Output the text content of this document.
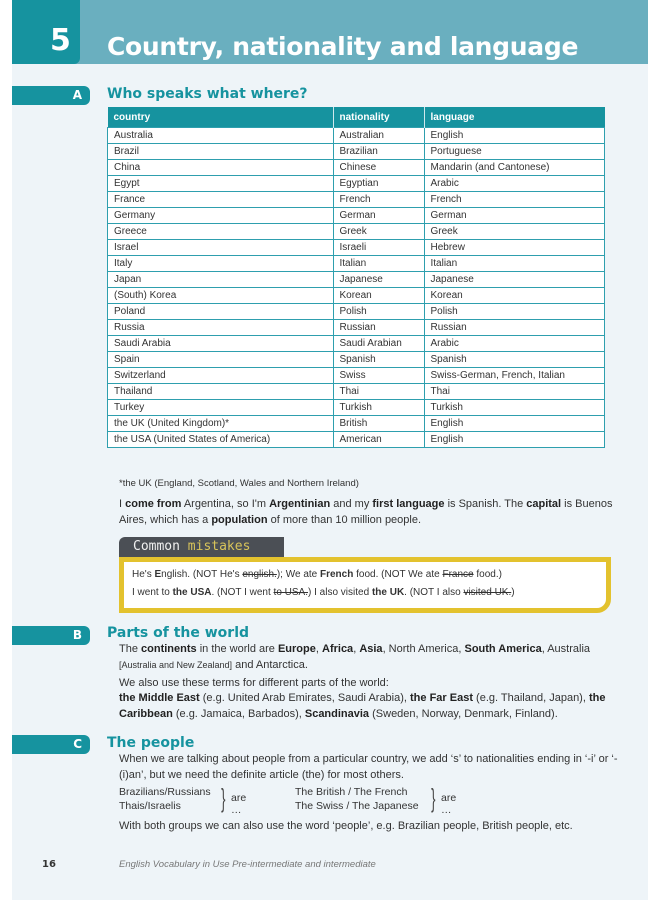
5 Country, nationality and language
A Who speaks what where?
country	nationality	language
Australia	Australian	English
Brazil	Brazilian	Portuguese
China	Chinese	Mandarin (and Cantonese)
Egypt	Egyptian	Arabic
France	French	French
Germany	German	German
Greece	Greek	Greek
Israel	Israeli	Hebrew
Italy	Italian	Italian
Japan	Japanese	Japanese
(South) Korea	Korean	Korean
Poland	Polish	Polish
Russia	Russian	Russian
Saudi Arabia	Saudi Arabian	Arabic
Spain	Spanish	Spanish
Switzerland	Swiss	Swiss-German, French, Italian
Thailand	Thai	Thai
Turkey	Turkish	Turkish
the UK (United Kingdom)*	British	English
the USA (United States of America)	American	English
*the UK (England, Scotland, Wales and Northern Ireland)
I come from Argentina, so I'm Argentinian and my first language is Spanish. The capital is Buenos Aires, which has a population of more than 10 million people.
Common mistakes
He's English. (NOT He's english.); We ate French food. (NOT We ate France food.)
I went to the USA. (NOT I went to USA.) I also visited the UK. (NOT I also visited UK.)
B Parts of the world
The continents in the world are Europe, Africa, Asia, North America, South America, Australia [Australia and New Zealand] and Antarctica.
We also use these terms for different parts of the world:
the Middle East (e.g. United Arab Emirates, Saudi Arabia), the Far East (e.g. Thailand, Japan), the Caribbean (e.g. Jamaica, Barbados), Scandinavia (Sweden, Norway, Denmark, Finland).
C The people
When we are talking about people from a particular country, we add ‘s’ to nationalities ending in ‘-i’ or ‘-(i)an’, but we need the definite article (the) for most others.
Brazilians/Russians
Thais/Israelis	} are …
The British / The French
The Swiss / The Japanese } are …
With both groups we can also use the word ‘people’, e.g. Brazilian people, British people, etc.
16	English Vocabulary in Use Pre-intermediate and intermediate
